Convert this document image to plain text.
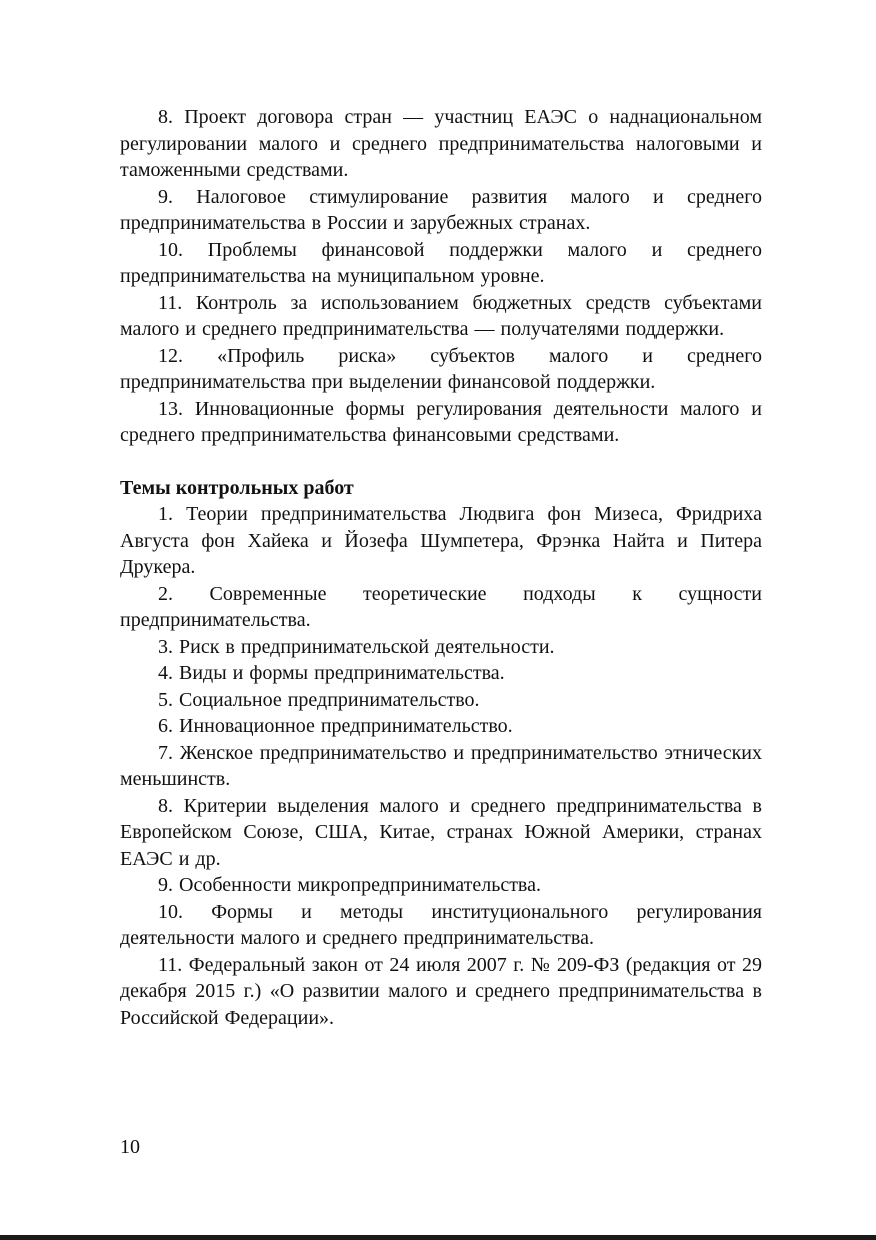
8. Проект договора стран — участниц ЕАЭС о наднациональном регулировании малого и среднего предпринимательства налоговыми и таможенными средствами.

9. Налоговое стимулирование развития малого и среднего предпринимательства в России и зарубежных странах.

10. Проблемы финансовой поддержки малого и среднего предпринимательства на муниципальном уровне.

11. Контроль за использованием бюджетных средств субъектами малого и среднего предпринимательства — получателями поддержки.

12. «Профиль риска» субъектов малого и среднего предпринимательства при выделении финансовой поддержки.

13. Инновационные формы регулирования деятельности малого и среднего предпринимательства финансовыми средствами.

Темы контрольных работ

1. Теории предпринимательства Людвига фон Мизеса, Фридриха Августа фон Хайека и Йозефа Шумпетера, Фрэнка Найта и Питера Друкера.

2. Современные теоретические подходы к сущности предпринимательства.

3. Риск в предпринимательской деятельности.

4. Виды и формы предпринимательства.

5. Социальное предпринимательство.

6. Инновационное предпринимательство.

7. Женское предпринимательство и предпринимательство этнических меньшинств.

8. Критерии выделения малого и среднего предпринимательства в Европейском Союзе, США, Китае, странах Южной Америки, странах ЕАЭС и др.

9. Особенности микропредпринимательства.

10. Формы и методы институционального регулирования деятельности малого и среднего предпринимательства.

11. Федеральный закон от 24 июля 2007 г. № 209-ФЗ (редакция от 29 декабря 2015 г.) «О развитии малого и среднего предпринимательства в Российской Федерации».

10
